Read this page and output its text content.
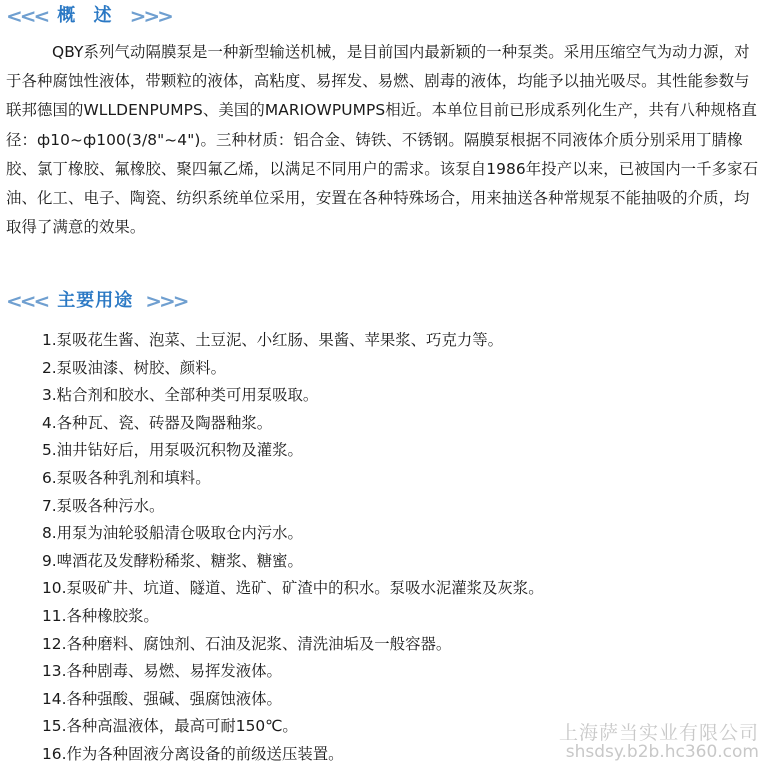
<<< 概 述 >>>

QBY系列气动隔膜泵是一种新型输送机械，是目前国内最新颖的一种泵类。采用压缩空气为动力源，对于各种腐蚀性液体，带颗粒的液体，高粘度、易挥发、易燃、剧毒的液体，均能予以抽光吸尽。其性能参数与联邦德国的WLLDENPUMPS、美国的MARIOWPUMPS相近。本单位目前已形成系列化生产，共有八种规格直径：ф10~ф100(3/8"~4")。三种材质：铝合金、铸铁、不锈钢。隔膜泵根据不同液体介质分别采用丁腈橡胶、氯丁橡胶、氟橡胶、聚四氟乙烯，以满足不同用户的需求。该泵自1986年投产以来，已被国内一千多家石油、化工、电子、陶瓷、纺织系统单位采用，安置在各种特殊场合，用来抽送各种常规泵不能抽吸的介质，均取得了满意的效果。

<<< 主要用途 >>>
1.泵吸花生酱、泡菜、土豆泥、小红肠、果酱、苹果浆、巧克力等。
2.泵吸油漆、树胶、颜料。
3.粘合剂和胶水、全部种类可用泵吸取。
4.各种瓦、瓷、砖器及陶器釉浆。
5.油井钻好后，用泵吸沉积物及灌浆。
6.泵吸各种乳剂和填料。
7.泵吸各种污水。
8.用泵为油轮驳船清仓吸取仓内污水。
9.啤酒花及发酵粉稀浆、糖浆、糖蜜。
10.泵吸矿井、坑道、隧道、选矿、矿渣中的积水。泵吸水泥灌浆及灰浆。
11.各种橡胶浆。
12.各种磨料、腐蚀剂、石油及泥浆、清洗油垢及一般容器。
13.各种剧毒、易燃、易挥发液体。
14.各种强酸、强碱、强腐蚀液体。
15.各种高温液体，最高可耐150℃。
16.作为各种固液分离设备的前级送压装置。
上海萨当实业有限公司
shsdsy.b2b.hc360.com
